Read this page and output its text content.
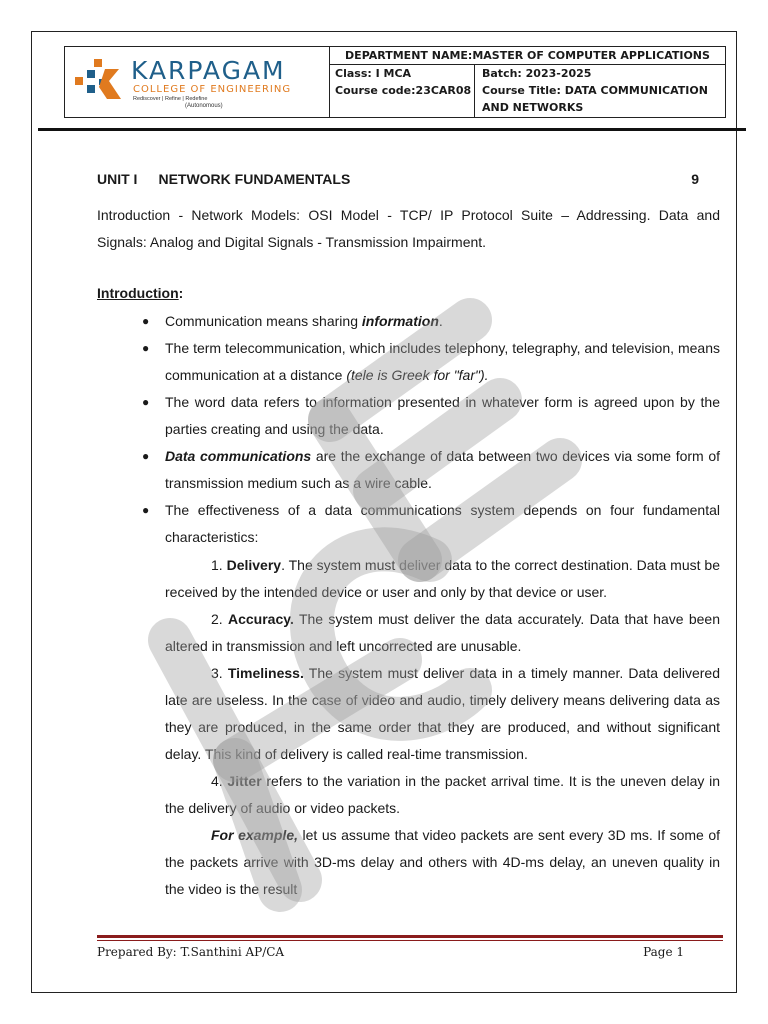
KARPAGAM
COLLEGE OF ENGINEERING
Rediscover | Refine | Redefine
(Autonomous)
DEPARTMENT NAME:MASTER OF COMPUTER APPLICATIONS
Class: I MCA
Course code:23CAR08
Batch: 2023-2025
Course Title: DATA COMMUNICATION
AND NETWORKS
UNIT I NETWORK FUNDAMENTALS	9
Introduction - Network Models: OSI Model - TCP/ IP Protocol Suite – Addressing. Data and
Signals: Analog and Digital Signals - Transmission Impairment.
Introduction:
● Communication means sharing information.
● The term telecommunication, which includes telephony, telegraphy, and television, means communication at a distance (tele is Greek for "far").
● The word data refers to information presented in whatever form is agreed upon by the parties creating and using the data.
● Data communications are the exchange of data between two devices via some form of transmission medium such as a wire cable.
● The effectiveness of a data communications system depends on four fundamental characteristics:

1. Delivery. The system must deliver data to the correct destination. Data must be received by the intended device or user and only by that device or user.

2. Accuracy. The system must deliver the data accurately. Data that have been altered in transmission and left uncorrected are unusable.

3. Timeliness. The system must deliver data in a timely manner. Data delivered late are useless. In the case of video and audio, timely delivery means delivering data as they are produced, in the same order that they are produced, and without significant delay. This kind of delivery is called real-time transmission.

4. Jitter refers to the variation in the packet arrival time. It is the uneven delay in the delivery of audio or video packets.

For example, let us assume that video packets are sent every 3D ms. If some of the packets arrive with 3D-ms delay and others with 4D-ms delay, an uneven quality in the video is the result

Prepared By: T.Santhini AP/CA	Page 1
